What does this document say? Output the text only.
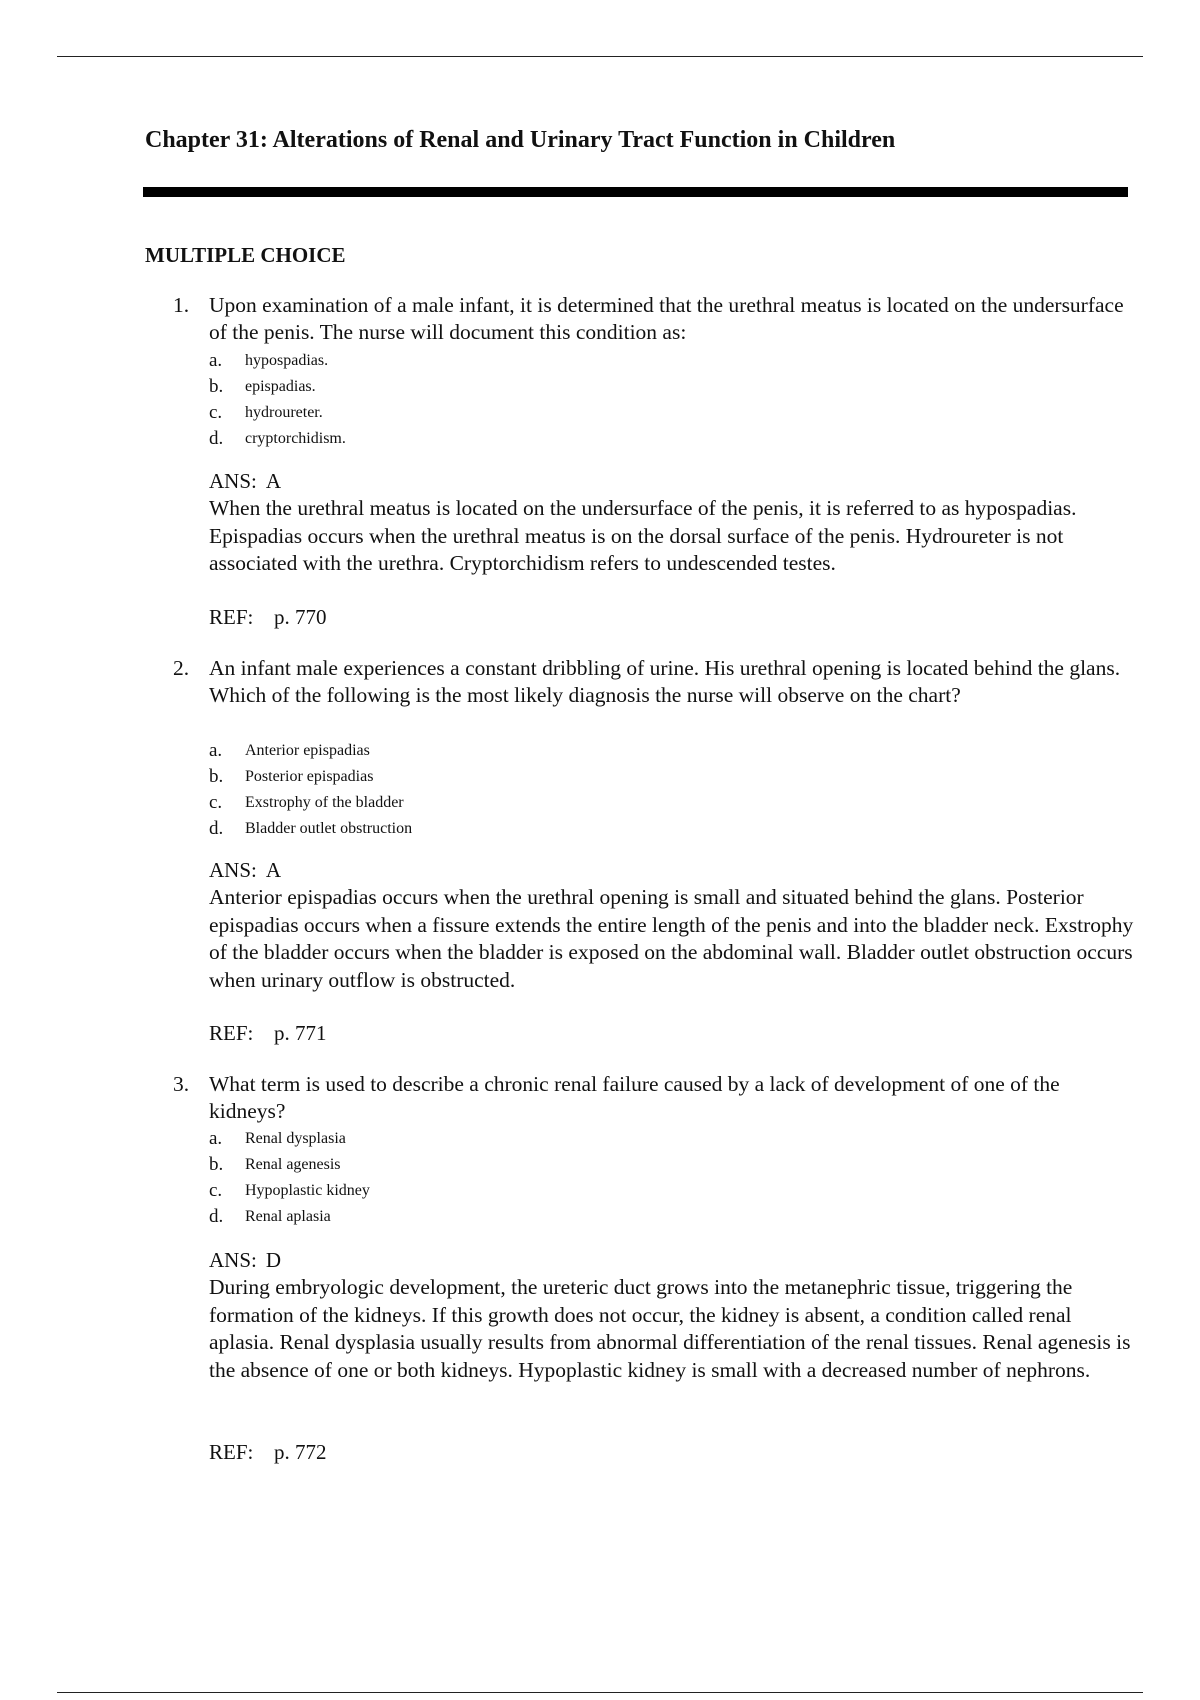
Chapter 31: Alterations of Renal and Urinary Tract Function in Children
MULTIPLE CHOICE
1. Upon examination of a male infant, it is determined that the urethral meatus is located on the undersurface of the penis. The nurse will document this condition as:

a. hypospadias.
b. epispadias.
c. hydroureter.
d. cryptorchidism.
ANS: A

When the urethral meatus is located on the undersurface of the penis, it is referred to as hypospadias. Epispadias occurs when the urethral meatus is on the dorsal surface of the penis. Hydroureter is not associated with the urethra. Cryptorchidism refers to undescended testes.

REF: p. 770
2. An infant male experiences a constant dribbling of urine. His urethral opening is located behind the glans. Which of the following is the most likely diagnosis the nurse will observe on the chart?

a. Anterior epispadias
b. Posterior epispadias
c. Exstrophy of the bladder
d. Bladder outlet obstruction
ANS: A

Anterior epispadias occurs when the urethral opening is small and situated behind the glans. Posterior epispadias occurs when a fissure extends the entire length of the penis and into the bladder neck. Exstrophy of the bladder occurs when the bladder is exposed on the abdominal wall. Bladder outlet obstruction occurs when urinary outflow is obstructed.

REF: p. 771
3. What term is used to describe a chronic renal failure caused by a lack of development of one of the kidneys?

a. Renal dysplasia
b. Renal agenesis
c. Hypoplastic kidney
d. Renal aplasia
ANS: D

During embryologic development, the ureteric duct grows into the metanephric tissue, triggering the formation of the kidneys. If this growth does not occur, the kidney is absent, a condition called renal aplasia. Renal dysplasia usually results from abnormal differentiation of the renal tissues. Renal agenesis is the absence of one or both kidneys. Hypoplastic kidney is small with a decreased number of nephrons.

REF: p. 772
